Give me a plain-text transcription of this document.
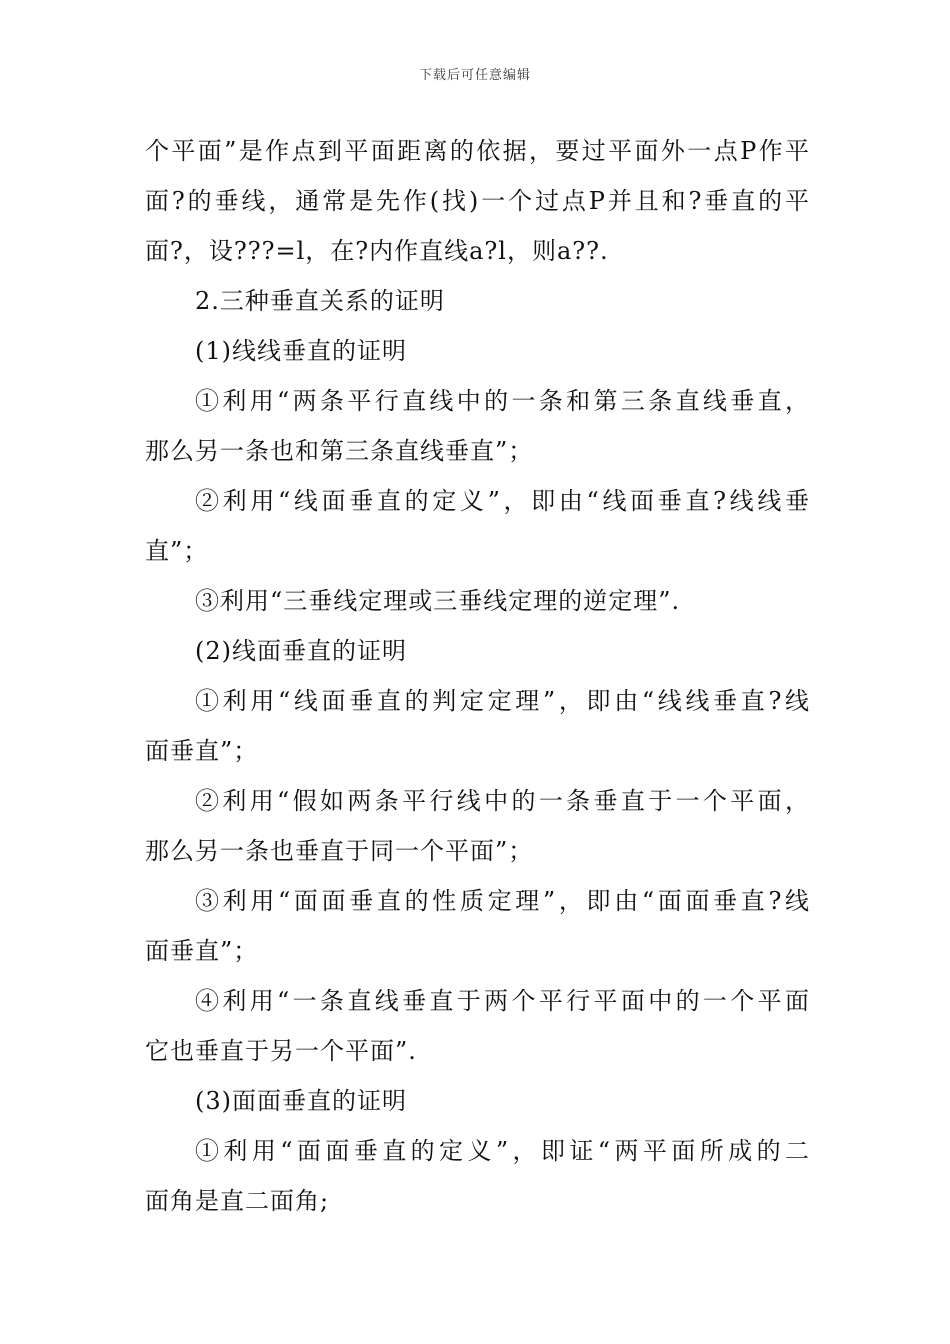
下载后可任意编辑
个平面”是作点到平面距离的依据，要过平面外一点P作平
面?的垂线，通常是先作(找)一个过点P并且和?垂直的平
面?，设???=l，在?内作直线a?l，则a??.
2.三种垂直关系的证明
(1)线线垂直的证明
①利用“两条平行直线中的一条和第三条直线垂直，
那么另一条也和第三条直线垂直”；
②利用“线面垂直的定义”，即由“线面垂直?线线垂
直”；
③利用“三垂线定理或三垂线定理的逆定理”.
(2)线面垂直的证明
①利用“线面垂直的判定定理”，即由“线线垂直?线
面垂直”；
②利用“假如两条平行线中的一条垂直于一个平面，
那么另一条也垂直于同一个平面”；
③利用“面面垂直的性质定理”，即由“面面垂直?线
面垂直”；
④利用“一条直线垂直于两个平行平面中的一个平面
它也垂直于另一个平面”.
(3)面面垂直的证明
①利用“面面垂直的定义”，即证“两平面所成的二
面角是直二面角;
